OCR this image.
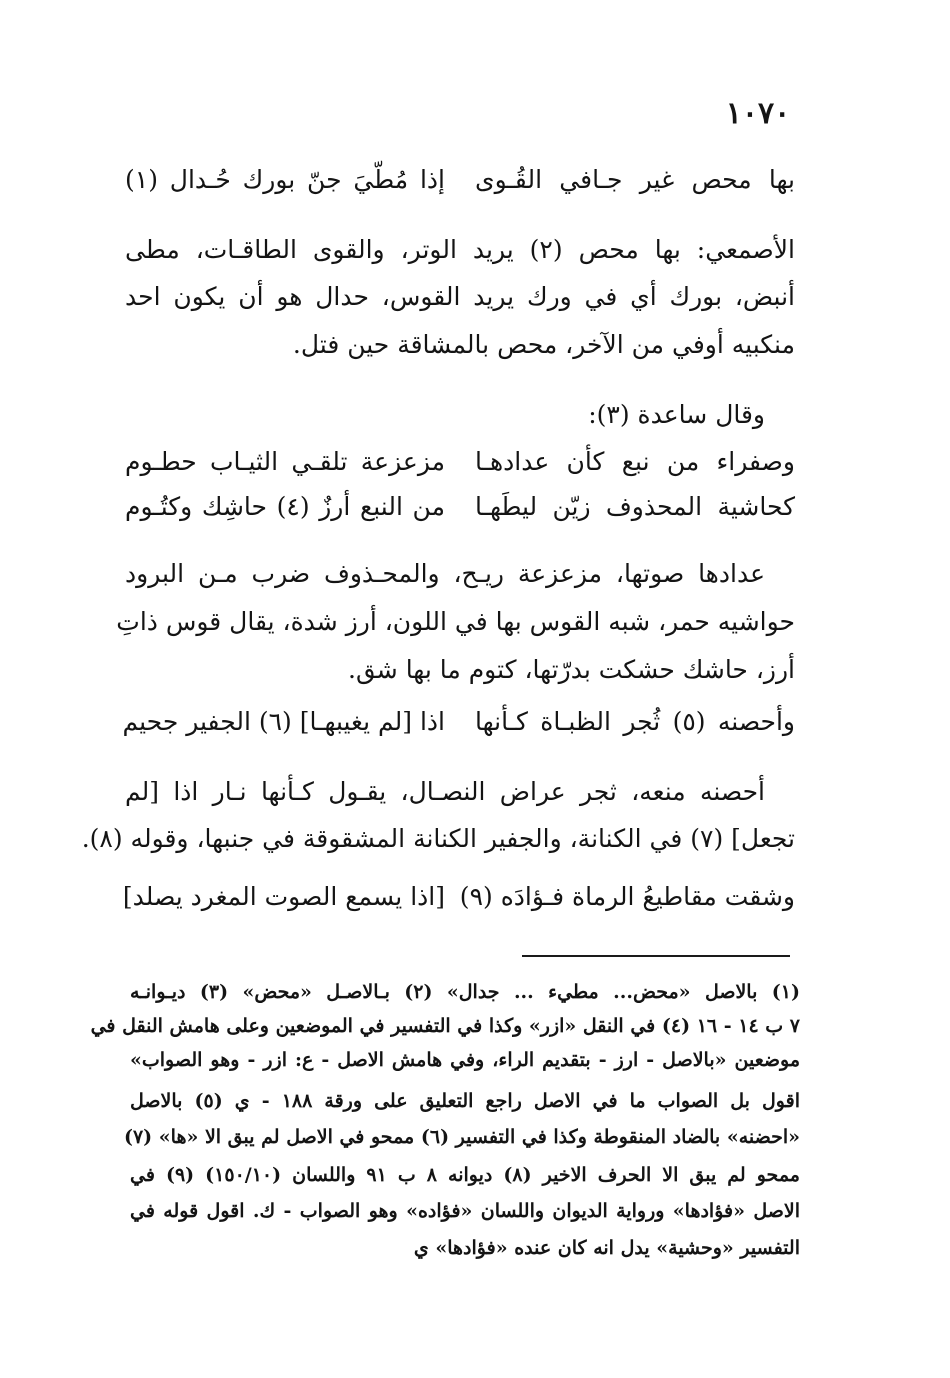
١٠٧٠
بها محص غير جـافي القُـوى
إذا مُطّيَ جنّ بورك حُـدال (١)
الأصمعي: بها محص (٢) يريد الوتر، والقوى الطاقـات، مطى
أنبض، بورك أي في ورك يريد القوس، حدال هو أن يكون احد
منكبيه أوفي من الآخر، محص بالمشاقة حين فتل.
وقال ساعدة (٣):
وصفراء من نبع كأن عدادهـا
مزعزعة تلقـي الثيـاب حطـوم
كحاشية المحذوف زيّن ليطَهـا
من النبع أرزٌ (٤) حاشِك وكتُـوم
عدادها صوتها، مزعزعة ريـح، والمحـذوف ضرب مـن البرود
حواشيه حمر، شبه القوس بها في اللون، أرز شدة، يقال قوس ذاتِ
أرز، حاشك حشكت بدرّتها، كتوم ما بها شق.
وأحصنه (٥) ثُجر الظبـاة كـأنها
اذا [لم يغيبهـا] (٦) الجفير جحيم
أحصنه منعه، ثجر عراض النصـال، يقـول كـأنها نـار اذا [لم
تجعل] (٧) في الكنانة، والجفير الكنانة المشقوقة في جنبها، وقوله (٨).
وشقت مقاطيعُ الرماة فـؤادَه (٩)
[اذا يسمع الصوت المغرد يصلد]
(١) بالاصل «محض... مطيء ... جدال» (٢) بـالاصـل «محض» (٣) ديـوانـه
٧ ب ١٤ - ١٦ (٤) في النقل «ازر» وكذا في التفسير في الموضعين وعلى هامش النقل في
موضعين «بالاصل - ارز - بتقديم الراء، وفي هامش الاصل - ع: ازر - وهو الصواب»
اقول بل الصواب ما في الاصل راجع التعليق على ورقة ١٨٨ - ي (٥) بالاصل
«احضنه» بالضاد المنقوطة وكذا في التفسير (٦) ممحو في الاصل لم يبق الا «ها» (٧)
ممحو لم يبق الا الحرف الاخير (٨) ديوانه ٨ ب ٩١ واللسان (١٥٠/١٠) (٩) في
الاصل «فؤادها» ورواية الديوان واللسان «فؤاده» وهو الصواب - ك. اقول قوله في
التفسير «وحشية» يدل انه كان عنده «فؤادها» ي
